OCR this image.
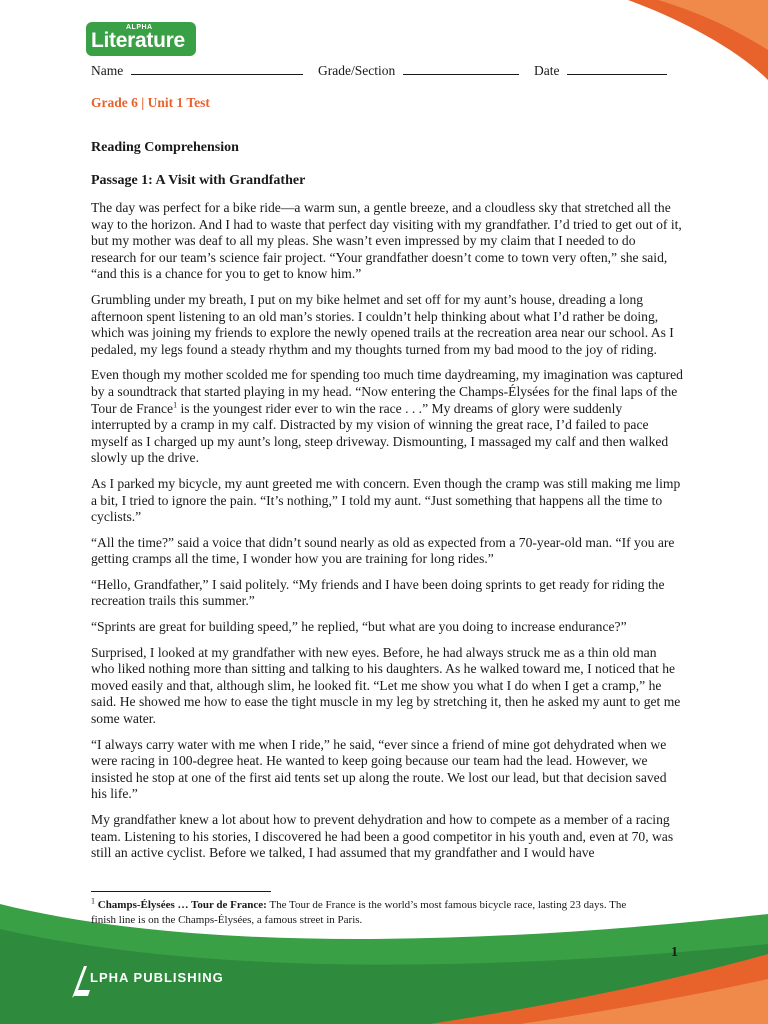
ALPHA
Literature
Name	Grade/Section	Date
Grade 6 | Unit 1 Test
Reading Comprehension
Passage 1: A Visit with Grandfather

The day was perfect for a bike ride—a warm sun, a gentle breeze, and a cloudless sky that stretched all the way to the horizon. And I had to waste that perfect day visiting with my grandfather. I’d tried to get out of it, but my mother was deaf to all my pleas. She wasn’t even impressed by my claim that I needed to do research for our team’s science fair project. “Your grandfather doesn’t come to town very often,” she said, “and this is a chance for you to get to know him.”

Grumbling under my breath, I put on my bike helmet and set off for my aunt’s house, dreading a long afternoon spent listening to an old man’s stories. I couldn’t help thinking about what I’d rather be doing, which was joining my friends to explore the newly opened trails at the recreation area near our school. As I pedaled, my legs found a steady rhythm and my thoughts turned from my bad mood to the joy of riding.

Even though my mother scolded me for spending too much time daydreaming, my imagination was captured by a soundtrack that started playing in my head. “Now entering the Champs-Élysées for the final laps of the Tour de France$^1$ is the youngest rider ever to win the race . . .” My dreams of glory were suddenly interrupted by a cramp in my calf. Distracted by my vision of winning the great race, I’d failed to pace myself as I charged up my aunt’s long, steep driveway. Dismounting, I massaged my calf and then walked slowly up the drive.

As I parked my bicycle, my aunt greeted me with concern. Even though the cramp was still making me limp a bit, I tried to ignore the pain. “It’s nothing,” I told my aunt. “Just something that happens all the time to cyclists.”

“All the time?” said a voice that didn’t sound nearly as old as expected from a 70-year-old man. “If you are getting cramps all the time, I wonder how you are training for long rides.”

“Hello, Grandfather,” I said politely. “My friends and I have been doing sprints to get ready for riding the recreation trails this summer.”

“Sprints are great for building speed,” he replied, “but what are you doing to increase endurance?”

Surprised, I looked at my grandfather with new eyes. Before, he had always struck me as a thin old man who liked nothing more than sitting and talking to his daughters. As he walked toward me, I noticed that he moved easily and that, although slim, he looked fit. “Let me show you what I do when I get a cramp,” he said. He showed me how to ease the tight muscle in my leg by stretching it, then he asked my aunt to get me some water.

“I always carry water with me when I ride,” he said, “ever since a friend of mine got dehydrated when we were racing in 100-degree heat. He wanted to keep going because our team had the lead. However, we insisted he stop at one of the first aid tents set up along the route. We lost our lead, but that decision saved his life.”

My grandfather knew a lot about how to prevent dehydration and how to compete as a member of a racing team. Listening to his stories, I discovered he had been a good competitor in his youth and, even at 70, was still an active cyclist. Before we talked, I had assumed that my grandfather and I would have

$^1$ Champs-Élysées … Tour de France: The Tour de France is the world’s most famous bicycle race, lasting 23 days. The finish line is on the Champs-Élysées, a famous street in Paris.
1
LPHA PUBLISHING
